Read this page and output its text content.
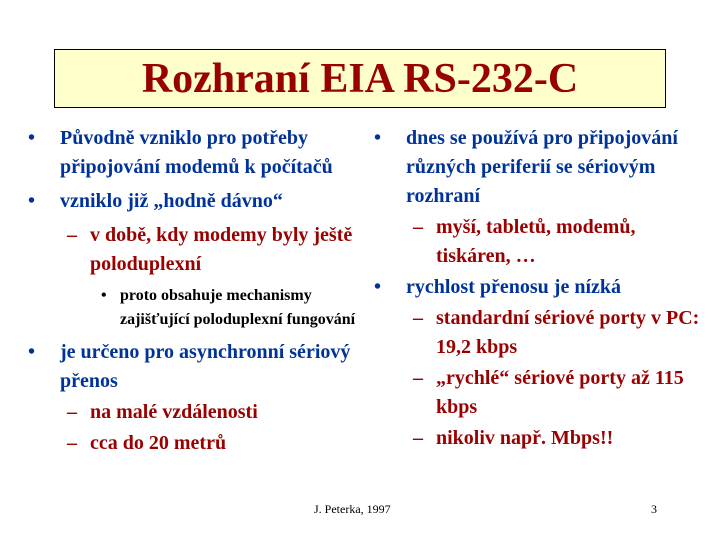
Rozhraní EIA RS-232-C
• Původně vzniklo pro potřeby připojování modemů k počítačů
• vzniklo již „hodně dávno“
– v době, kdy modemy byly ještě poloduplexní
• proto obsahuje mechanismy zajišťující poloduplexní fungování
• je určeno pro asynchronní sériový přenos
– na malé vzdálenosti
– cca do 20 metrů
• dnes se používá pro připojování různých periferií se sériovým rozhraní
– myší, tabletů, modemů, tiskáren, …
• rychlost přenosu je nízká
– standardní sériové porty v PC: 19,2 kbps
– „rychlé“ sériové porty až 115 kbps
– nikoliv např. Mbps!!
J. Peterka, 1997	3
